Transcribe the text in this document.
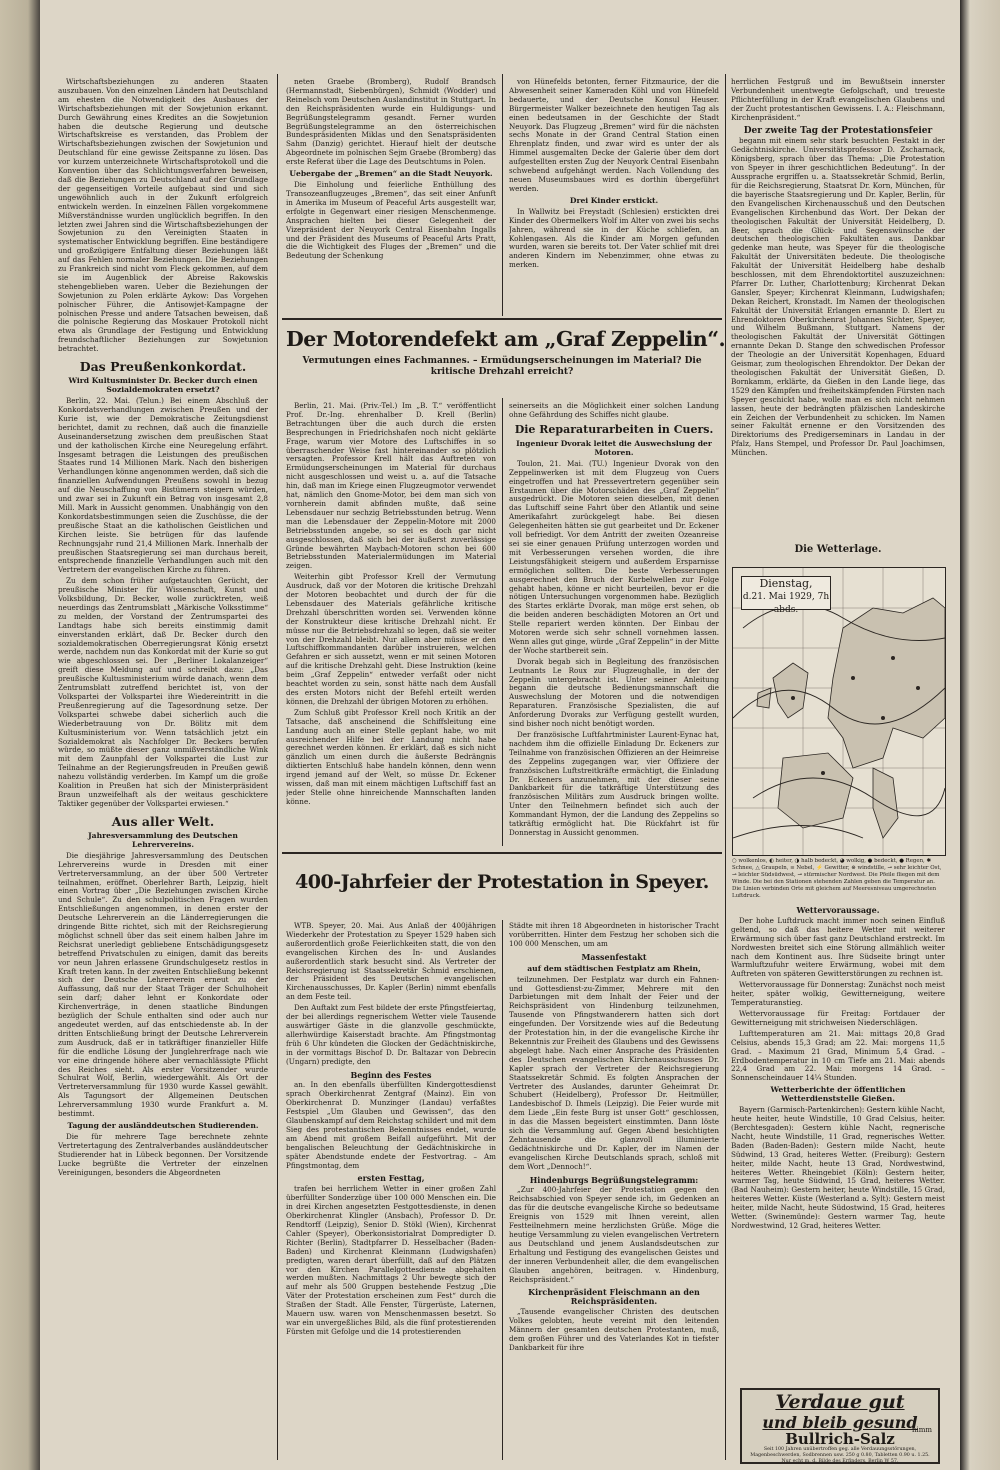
Wirtschaftsbeziehungen zu anderen Staaten auszubauen. Von den einzelnen Ländern hat Deutschland am ehesten die Notwendigkeit des Ausbaues der Wirtschaftsbeziehungen mit der Sowjetunion erkannt. Durch Gewährung eines Kredites an die Sowjetunion haben die deutsche Regierung und deutsche Wirtschaftskreise es verstanden, das Problem der Wirtschaftsbeziehungen zwischen der Sowjetunion und Deutschland für eine gewisse Zeitspanne zu lösen. Das vor kurzem unterzeichnete Wirtschaftsprotokoll und die Konvention über das Schlichtungsverfahren beweisen, daß die Beziehungen zu Deutschland auf der Grundlage der gegenseitigen Vorteile aufgebaut sind und sich ungewöhnlich auch in der Zukunft erfolgreich entwickeln werden. In einzelnen Fällen vorgekommene Mißverständnisse wurden unglücklich begriffen. In den letzten zwei Jahren sind die Wirtschaftsbeziehungen der Sowjetunion zu den Vereinigten Staaten in systematischer Entwicklung begriffen. Eine beständigere und großzügigere Entfaltung dieser Beziehungen läßt auf das Fehlen normaler Beziehungen. Die Beziehungen zu Frankreich sind nicht vom Fleck gekommen, auf dem sie im Augenblick der Abreise Rakowskis stehengeblieben waren. Ueber die Beziehungen der Sowjetunion zu Polen erklärte Aykow: Das Vorgehen polnischer Führer, die Antisowjet-Kampagne der polnischen Presse und andere Tatsachen beweisen, daß die polnische Regierung das Moskauer Protokoll nicht etwa als Grundlage der Festigung und Entwicklung freundschaftlicher Beziehungen zur Sowjetunion betrachtet.

Das Preußenkonkordat.
Wird Kultusminister Dr. Becker durch einen Sozialdemokraten ersetzt?

Berlin, 22. Mai. (Telun.) Bei einem Abschluß der Konkordatsverhandlungen zwischen Preußen und der Kurie ist, wie der Demokratische Zeitungsdienst berichtet, damit zu rechnen, daß auch die finanzielle Auseinandersetzung zwischen dem preußischen Staat und der katholischen Kirche eine Neuregelung erfährt. Insgesamt betragen die Leistungen des preußischen Staates rund 14 Millionen Mark. Nach den bisherigen Verhandlungen könne angenommen werden, daß sich die finanziellen Aufwendungen Preußens sowohl in bezug auf die Neuschaffung von Bistümern steigern würden, und zwar sei in Zukunft ein Betrag von insgesamt 2,8 Mill. Mark in Aussicht genommen. Unabhängig von den Konkordatsbestimmungen seien die Zuschüsse, die der preußische Staat an die katholischen Geistlichen und Kirchen leiste. Sie betrügen für das laufende Rechnungsjahr rund 21,4 Millionen Mark. Innerhalb der preußischen Staatsregierung sei man durchaus bereit, entsprechende finanzielle Verhandlungen auch mit den Vertretern der evangelischen Kirche zu führen.

Zu dem schon früher aufgetauchten Gerücht, der preußische Minister für Wissenschaft, Kunst und Volksbildung, Dr. Becker, wolle zurücktreten, weiß neuerdings das Zentrumsblatt „Märkische Volksstimme“ zu melden, der Vorstand der Zentrumspartei des Landtags habe sich bereits einstimmig damit einverstanden erklärt, daß Dr. Becker durch den sozialdemokratischen Oberregierungsrat König ersetzt werde, nachdem nun das Konkordat mit der Kurie so gut wie abgeschlossen sei. Der „Berliner Lokalanzeiger“ greift diese Meldung auf und schreibt dazu: „Das preußische Kultusministerium würde danach, wenn dem Zentrumsblatt zutreffend berichtet ist, von der Volkspartei der Volkspartei ihre Wiedereintritt in die Preußenregierung auf die Tagesordnung setze. Der Volkspartei schwebe dabei sicherlich auch die Wiederbetrauung von Dr. Bölitz mit dem Kultusministerium vor. Wenn tatsächlich jetzt ein Sozialdemokrat als Nachfolger Dr. Beckers berufen würde, so müßte dieser ganz unmißverständliche Wink mit dem Zaunpfahl der Volkspartei die Lust zur Teilnahme an der Regierungsfreuden in Preußen gewiß nahezu vollständig verderben. Im Kampf um die große Koalition in Preußen hat sich der Ministerpräsident Braun unzweifelhaft als der weitaus geschicktere Taktiker gegenüber der Volkspartei erwiesen.“

Aus aller Welt.
Jahresversammlung des Deutschen Lehrervereins.

Die diesjährige Jahresversammlung des Deutschen Lehrervereins wurde in Dresden mit einer Vertreterversammlung, an der über 500 Vertreter teilnahmen, eröffnet. Oberlehrer Barth, Leipzig, hielt einen Vortrag über „Die Beziehungen zwischen Kirche und Schule“. Zu den schulpolitischen Fragen wurden Entschließungen angenommen, in denen erster der Deutsche Lehrerverein an die Länderregierungen die dringende Bitte richtet, sich mit der Reichsregierung möglichst schnell über das seit einem halben Jahre im Reichsrat unerledigt gebliebene Entschädigungsgesetz betreffend Privatschulen zu einigen, damit das bereits vor neun Jahren erlassene Grundschulgesetz restlos in Kraft treten kann. In der zweiten Entschließung bekennt sich der Deutsche Lehrerverein erneut zu der Auffassung, daß nur der Staat Träger der Schulhoheit sein darf; daher lehnt er Konkordate oder Kirchenverträge, in denen staatliche Bindungen bezüglich der Schule enthalten sind oder auch nur angedeutet werden, auf das entschiedenste ab. In der dritten Entschließung bringt der Deutsche Lehrerverein zum Ausdruck, daß er in tatkräftiger finanzieller Hilfe für die endliche Lösung der Junglehrerfrage nach wie vor eine dringende höhere aber vernachlässigte Pflicht des Reiches sieht. Als erster Vorsitzender wurde Schulrat Wolf, Berlin, wiedergewählt. Als Ort der Vertreterversammlung für 1930 wurde Kassel gewählt. Als Tagungsort der Allgemeinen Deutschen Lehrerversammlung 1930 wurde Frankfurt a. M. bestimmt.

Tagung der ausländdeutschen Studierenden.

Die für mehrere Tage berechnete zehnte Vertretertagung des Zentralverbandes ausländdeutscher Studierender hat in Lübeck begonnen. Der Vorsitzende Lucke begrüßte die Vertreter der einzelnen Vereinigungen, besonders die Abgeordneten

neten Graebe (Bromberg), Rudolf Brandsch (Hermannstadt, Siebenbürgen), Schmidt (Wodder) und Reinelsch vom Deutschen Auslandinstitut in Stuttgart. In den Reichspräsidenten wurde ein Huldigungs- und Begrüßungstelegramm gesandt. Ferner wurden Begrüßungstelegramme an den österreichischen Bundespräsidenten Miklas und den Senatspräsidenten Sahm (Danzig) gerichtet. Hierauf hielt der deutsche Abgeordnete im polnischen Sejm Graebe (Bromberg) das erste Referat über die Lage des Deutschtums in Polen.

Uebergabe der „Bremen“ an die Stadt Neuyork.

Die Einholung und feierliche Enthüllung des Transozeanflugzeuges „Bremen“, das seit einer Anfunft in Amerika im Museum of Peaceful Arts ausgestellt war, erfolgte in Gegenwart einer riesigen Menschenmenge. Ansprachen hielten bei dieser Gelegenheit der Vizepräsident der Neuyork Central Eisenbahn Ingalls und der Präsident des Museums of Peaceful Arts Pratt, die die Wichtigkeit des Fluges der „Bremen“ und die Bedeutung der Schenkung

von Hünefelds betonten, ferner Fitzmaurice, der die Abwesenheit seiner Kameraden Köhl und von Hünefeld bedauerte, und der Deutsche Konsul Heuser. Bürgermeister Walker bezeichnete den heutigen Tag als einen bedeutsamen in der Geschichte der Stadt Neuyork. Das Flugzeug „Bremen“ wird für die nächsten sechs Monate in der Grand Central Station einen Ehrenplatz finden, und zwar wird es unter der als Himmel ausgemalten Decke der Galerie über dem dort aufgestellten ersten Zug der Neuyork Central Eisenbahn schwebend aufgehängt werden. Nach Vollendung des neuen Museumsbaues wird es dorthin übergeführt werden.

Drei Kinder erstickt.

In Wallwitz bei Freystadt (Schlesien) erstickten drei Kinder des Obermelkers Wolf im Alter von zwei bis sechs Jahren, während sie in der Küche schliefen, an Kohlengasen. Als die Kinder am Morgen gefunden wurden, waren sie bereits tot. Der Vater schlief mit drei anderen Kindern im Nebenzimmer, ohne etwas zu merken.

Der Motorendefekt am „Graf Zeppelin“.
Vermutungen eines Fachmannes. – Ermüdungserscheinungen im Material? Die kritische Drehzahl erreicht?

Berlin, 21. Mai. (Priv.-Tel.) Im „B. T.“ veröffentlicht Prof. Dr.-Ing. ehrenhalber D. Krell (Berlin) Betrachtungen über die auch durch die ersten Besprechungen in Friedrichshafen noch nicht geklärte Frage, warum vier Motore des Luftschiffes in so überraschender Weise fast hintereinander so plötzlich versagten. Professor Krell hält das Auftreten von Ermüdungserscheinungen im Material für durchaus nicht ausgeschlossen und weist u. a. auf die Tatsache hin, daß man im Kriege einen Flugzeugmotor verwendet hat, nämlich den Gnome-Motor, bei dem man sich von vornherein damit abfinden mußte, daß seine Lebensdauer nur sechzig Betriebsstunden betrug. Wenn man die Lebensdauer der Zeppelin-Motore mit 2000 Betriebsstunden angebe, so sei es doch gar nicht ausgeschlossen, daß sich bei der äußerst zuverlässige Gründe bewährten Maybach-Motoren schon bei 600 Betriebsstunden Materialermüdungen im Material zeigen.

Weiterhin gibt Professor Krell der Vermutung Ausdruck, daß vor der Motoren die kritische Drehzahl der Motoren beobachtet und durch der für die Lebensdauer des Materials gefährliche kritische Drehzahl überschritten worden sei. Verwenden könne der Konstrukteur diese kritische Drehzahl nicht. Er müsse nur die Betriebsdrehzahl so legen, daß sie weiter von der Drehzahl bleibt. Nur allem aber müsse er den Luftschiffkommandanten darüber instruieren, welchen Gefahren er sich aussetzt, wenn er mit seinen Motoren auf die kritische Drehzahl geht. Diese Instruktion (keine beim „Graf Zeppelin“ entweder verfaßt oder nicht beachtet worden zu sein, sonst hätte nach dem Ausfall des ersten Motors nicht der Befehl erteilt werden können, die Drehzahl der übrigen Motoren zu erhöhen.

Zum Schluß gibt Professor Krell noch Kritik an der Tatsache, daß anscheinend die Schiffsleitung eine Landung auch an einer Stelle geplant habe, wo mit ausreichender Hilfe bei der Landung nicht habe gerechnet werden können. Er erklärt, daß es sich nicht gänzlich um einen durch die äußerste Bedrängnis diktierten Entschluß habe handeln können, denn wenn irgend jemand auf der Welt, so müsse Dr. Eckener wissen, daß man mit einem mächtigen Luftschiff fast an jeder Stelle ohne hinreichende Mannschaften landen könne.

seinerseits an die Möglichkeit einer solchen Landung ohne Gefährdung des Schiffes nicht glaube.

Die Reparaturarbeiten in Cuers.
Ingenieur Dvorak leitet die Auswechslung der Motoren.

Toulon, 21. Mai. (TU.) Ingenieur Dvorak von den Zeppelinwerken ist mit dem Flugzeug von Cuers eingetroffen und hat Pressevertretern gegenüber sein Erstaunen über die Motorschäden des „Graf Zeppelin“ ausgedrückt. Die Motoren seien dieselben, mit denen das Luftschiff seine Fahrt über den Atlantik und seine Amerikafahrt zurückgelegt habe. Bei diesen Gelegenheiten hätten sie gut gearbeitet und Dr. Eckener voll befriedigt. Vor dem Antritt der zweiten Ozeanreise sei sie einer genauen Prüfung unterzogen worden und mit Verbesserungen versehen worden, die ihre Leistungsfähigkeit steigern und außerdem Ersparnisse ermöglichen sollten. Die beste Verbesserungen ausgerechnet den Bruch der Kurbelwellen zur Folge gehabt haben, könne er nicht beurteilen, bevor er die nötigen Untersuchungen vorgenommen habe. Bezüglich des Startes erklärte Dvorak, man möge erst sehen, ob die beiden anderen beschädigten Motoren an Ort und Stelle repariert werden könnten. Der Einbau der Motoren werde sich sehr schnell vornehmen lassen. Wenn alles gut ginge, würde „Graf Zeppelin“ in der Mitte der Woche startbereit sein.

Dvorak begab sich in Begleitung des französischen Leutnants Le Roux zur Flugzeughalle, in der der Zeppelin untergebracht ist. Unter seiner Anleitung begann die deutsche Bedienungsmannschaft die Auswechslung der Motoren und die notwendigen Reparaturen. Französische Spezialisten, die auf Anforderung Dvoraks zur Verfügung gestellt wurden, sind bisher noch nicht benötigt worden.

Der französische Luftfahrtminister Laurent-Eynac hat, nachdem ihm die offizielle Einladung Dr. Eckeners zur Teilnahme von französischen Offizieren an der Heimreise des Zeppelins zugegangen war, vier Offiziere der französischen Luftstreitkräfte ermächtigt, die Einladung Dr. Eckeners anzunehmen, mit der dieser seine Dankbarkeit für die tatkräftige Unterstützung des französischen Militärs zum Ausdruck bringen wollte. Unter den Teilnehmern befindet sich auch der Kommandant Hymon, der die Landung des Zeppelins so tatkräftig ermöglicht hat. Die Rückfahrt ist für Donnerstag in Aussicht genommen.

400-Jahrfeier der Protestation in Speyer.

WTB. Speyer, 20. Mai. Aus Anlaß der 400jährigen Wiederkehr der Protestation zu Speyer 1529 haben sich außerordentlich große Feierlichkeiten statt, die von den evangelischen Kirchen des In- und Auslandes außerordentlich stark besucht sind. Als Vertreter der Reichsregierung ist Staatssekretär Schmid erschienen, der Präsident des Deutschen evangelischen Kirchenausschusses, Dr. Kapler (Berlin) nimmt ebenfalls an dem Feste teil.

Den Auftakt zum Fest bildete der erste Pfingstfeiertag, der bei allerdings regnerischem Wetter viele Tausende auswärtiger Gäste in die glanzvolle geschmückte, allerhwürdige Kaiserstadt brachte. Am Pfingstmontag früh 6 Uhr kündeten die Glocken der Gedächtniskirche, in der vormittags Bischof D. Dr. Baltazar von Debrecin (Ungarn) predigte, den

Beginn des Festes

an. In den ebenfalls überfüllten Kindergottesdienst sprach Oberkirchenrat Zentgraf (Mainz). Ein von Oberkirchenrat D. Munzinger (Landau) verfaßtes Festspiel „Um Glauben und Gewissen“, das den Glaubenskampf auf dem Reichstag schildert und mit dem Sieg des protestantischen Bekenntnisses endet, wurde am Abend mit großem Beifall aufgeführt. Mit der bengalischen Beleuchtung der Gedächtniskirche in später Abendstunde endete der Festvortrag. – Am Pfingstmontag, dem

ersten Festtag,

trafen bei herrlichem Wetter in einer großen Zahl überfüllter Sonderzüge über 100 000 Menschen ein. Die in drei Kirchen angesetzten Festgottesdienste, in denen Oberkirchenrat Klingler (Ansbach), Professor D. Dr. Rendtorff (Leipzig), Senior D. Stökl (Wien), Kirchenrat Cahler (Speyer), Oberkonsistorialrat Dompredigter D. Richter (Berlin), Stadtpfarrer D. Hesselbacher (Baden-Baden) und Kirchenrat Kleinmann (Ludwigshafen) predigten, waren derart überfüllt, daß auf den Plätzen vor den Kirchen Parallelgottesdienste abgehalten werden mußten. Nachmittags 2 Uhr bewegte sich der auf mehr als 500 Gruppen bestehende Festzug „Die Väter der Protestation erscheinen zum Fest“ durch die Straßen der Stadt. Alle Fenster, Türgerüste, Laternen, Mauern usw. waren von Menschenmassen besetzt. So war ein unvergeßliches Bild, als die fünf protestierenden Fürsten mit Gefolge und die 14 protestierenden

Städte mit ihren 18 Abgeordneten in historischer Tracht vorüberritten. Hinter dem Festzug her schoben sich die 100 000 Menschen, um am

Massenfestakt
auf dem städtischen Festplatz am Rhein,

teilzunehmen. Der Festplatz war durch ein Fahnen- und Gottesdienst-zu-Zimmer, Mehrere mit den Darbietungen mit dem Inhalt der Feier und der Reichspräsident von Hindenburg teilzunehmen, Tausende von Pfingstwanderern hatten sich dort eingefunden. Der Vorsitzende wies auf die Bedeutung der Protestation hin, in der die evangelische Kirche ihr Bekenntnis zur Freiheit des Glaubens und des Gewissens abgelegt habe. Nach einer Ansprache des Präsidenten des Deutschen evangelischen Kirchenausschusses Dr. Kapler sprach der Vertreter der Reichsregierung Staatssekretär Schmid. Es folgten Ansprachen der Vertreter des Auslandes, darunter Geheimrat Dr. Schubert (Heidelberg), Professor Dr. Heitmüller, Landesbischof D. Ihmels (Leipzig). Die Feier wurde mit dem Liede „Ein feste Burg ist unser Gott“ geschlossen, in das die Massen begeistert einstimmten. Dann löste sich die Versammlung auf. Gegen Abend besichtigten Zehntausende die glanzvoll illuminierte Gedächtniskirche und Dr. Kapler, der im Namen der evangelischen Kirche Deutschlands sprach, schloß mit dem Wort „Dennoch!“.

Hindenburgs Begrüßungstelegramm:

„Zur 400-Jahrfeier der Protestation gegen den Reichsabschied von Speyer sende ich, im Gedenken an das für die deutsche evangelische Kirche so bedeutsame Ereignis von 1529 mit Ihnen vereint, allen Festteilnehmern meine herzlichsten Grüße. Möge die heutige Versammlung zu vielen evangelischen Vertretern aus Deutschland und jenem Auslandsdeutschen zur Erhaltung und Festigung des evangelischen Geistes und der inneren Verbundenheit aller, die dem evangelischen Glauben angehören, beitragen. v. Hindenburg, Reichspräsident.“

Kirchenpräsident Fleischmann an den Reichspräsidenten.

„Tausende evangelischer Christen des deutschen Volkes gelobten, heute vereint mit den leitenden Männern der gesamten deutschen Protestanten, muß, dem großen Führer und des Vaterlandes Kot in tiefster Dankbarkeit für ihre

herrlichen Festgruß und im Bewußtsein innerster Verbundenheit unentwegte Gefolgschaft, und treueste Pflichterfüllung in der Kraft evangelischen Glaubens und der Zucht protestantischen Gewissens. I. A.: Fleischmann, Kirchenpräsident.“

Der zweite Tag der Protestationsfeier

begann mit einem sehr stark besuchten Festakt in der Gedächtniskirche. Universitätsprofessor D. Zscharnack, Königsberg, sprach über das Thema: „Die Protestation von Speyer in ihrer geschichtlichen Bedeutung“. In der Aussprache ergriffen u. a. Staatssekretär Schmid, Berlin, für die Reichsregierung, Staatsrat Dr. Korn, München, für die bayerische Staatsregierung und Dr. Kapler, Berlin, für den Evangelischen Kirchenausschuß und den Deutschen Evangelischen Kirchenbund das Wort. Der Dekan der theologischen Fakultät der Universität Heidelberg, D. Beer, sprach die Glück- und Segenswünsche der deutschen theologischen Fakultäten aus. Dankbar gedenke man heute, was Speyer für die theologische Fakultät der Universitäten bedeute. Die theologische Fakultät der Universität Heidelberg habe deshalb beschlossen, mit dem Ehrendoktortitel auszuzeichnen: Pfarrer Dr. Luther, Charlottenburg; Kirchenrat Dekan Gansler, Speyer; Kirchenrat Kleinmann, Ludwigshafen; Dekan Reichert, Kronstadt. Im Namen der theologischen Fakultät der Universität Erlangen ernannte D. Elert zu Ehrendoktoren Oberkirchenrat Johannes Sichter, Speyer, und Wilhelm Bußmann, Stuttgart. Namens der theologischen Fakultät der Universität Göttingen ernannte Dekan D. Stange den schwedischen Professor der Theologie an der Universität Kopenhagen, Eduard Geismar, zum theologischen Ehrendoktor. Der Dekan der theologischen Fakultät der Universität Gießen, D. Bornkamm, erklärte, da Gießen in den Lande liege, das 1529 den Kämpfen und freiheitskämpfenden Fürsten nach Speyer geschickt habe, wolle man es sich nicht nehmen lassen, heute der bedrängten pfälzischen Landeskirche ein Zeichen der Verbundenheit zu schicken. Im Namen seiner Fakultät ernenne er den Vorsitzenden des Direktoriums des Predigerseminars in Landau in der Pfalz, Hans Stempel, und Professor Dr. Paul Joachimsen, München.

Die Wetterlage.
Dienstag,
d.21. Mai 1929, 7h abds.
○ wolkenlos, ◐ heiter, ◑ halb bedeckt, ◕ wolkig, ● bedeckt, ● Regen, ✱ Schnee, △ Graupeln, ≡ Nebel, ⚡ Gewitter, ⊛ windstille, ⊸ sehr leichter Ost, ⊸ leichter Südsüdwest, ⊸ stürmischer Nordwest. Die Pfeile fliegen mit dem Winde. Die bei den Stationen stehenden Zahlen geben die Temperatur an. Die Linien verbinden Orte mit gleichem auf Meeresniveau umgerechneten Luftdruck.
Wettervoraussage.

Der hohe Luftdruck macht immer noch seinen Einfluß geltend, so daß das heitere Wetter mit weiterer Erwärmung sich über fast ganz Deutschland erstreckt. Im Nordwesten breitet sich eine Störung allmählich weiter nach dem Kontinent aus. Ihre Südseite bringt unter Warmluftzufuhr weitere Erwärmung, wobei mit dem Auftreten von späteren Gewitterstörungen zu rechnen ist.

Wettervoraussage für Donnerstag: Zunächst noch meist heiter, später wolkig, Gewitterneigung, weitere Temperaturanstieg.

Wettervoraussage für Freitag: Fortdauer der Gewitterneigung mit strichweisen Niederschlägen.

Lufttemperaturen am 21. Mai: mittags 20,8 Grad Celsius, abends 15,3 Grad; am 22. Mai: morgens 11,5 Grad. – Maximum 21 Grad, Minimum 5,4 Grad. – Erdbodentemperatur in 10 cm Tiefe am 21. Mai: abends 22,4 Grad am 22. Mai: morgens 14 Grad. – Sonnenscheindauer 14¼ Stunden.

Wetterberichte der öffentlichen Wetterdienststelle Gießen.

Bayern (Garmisch-Partenkirchen): Gestern kühle Nacht, heute heiter, heute Windstille, 10 Grad Celsius, heiter. (Berchtesgaden): Gestern kühle Nacht, regnerische Nacht, heute Windstille, 11 Grad, regnerisches Wetter. Baden (Baden-Baden): Gestern milde Nacht, heute Südwind, 13 Grad, heiteres Wetter. (Freiburg): Gestern heiter, milde Nacht, heute 13 Grad, Nordwestwind, heiteres Wetter. Rheingebiet (Köln): Gestern heiter, warmer Tag, heute Südwind, 15 Grad, heiteres Wetter. (Bad Nauheim): Gestern heiter, heute Windstille, 15 Grad, heiteres Wetter. Küste (Westerland a. Sylt): Gestern meist heiter, milde Nacht, heute Südostwind, 15 Grad, heiteres Wetter. (Swinemünde): Gestern warmer Tag, heute Nordwestwind, 12 Grad, heiteres Wetter.

Verdaue gut
und bleib gesund
nimm
Bullrich-Salz
Seit 100 Jahren unübertroffen geg. alle Verdauungsstörungen, Magenbeschwerden, Sodbrennen usw. 250 g 0.80, Tabletten 0.90 u. 1.25. Nur echt m. d. Bilde des Erfinders, Berlin W 57.
